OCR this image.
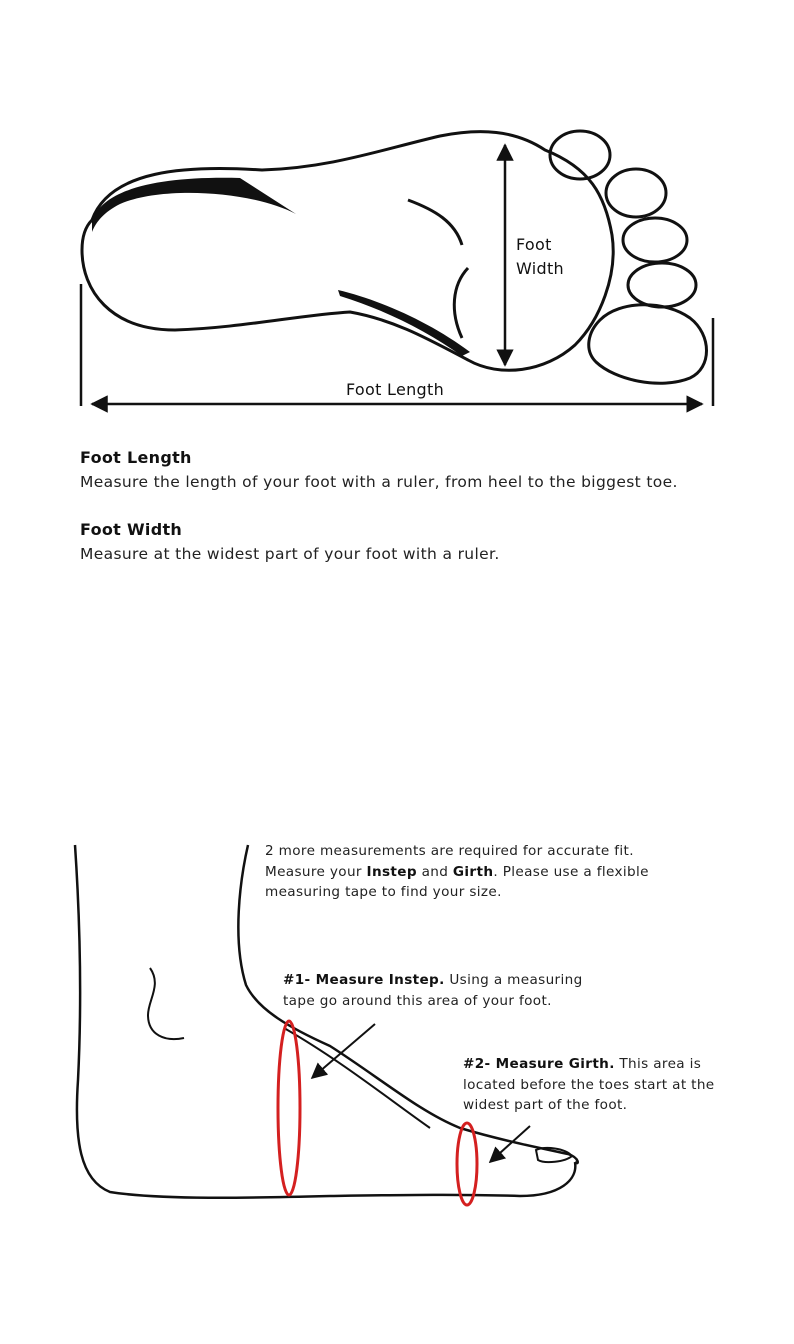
Foot
Width
Foot Length
Foot Length
Measure the length of your foot with a ruler, from heel to the biggest toe.
Foot Width
Measure at the widest part of your foot with a ruler.
2 more measurements are required for accurate fit.
Measure your Instep and Girth. Please use a flexible
measuring tape to find your size.
#1- Measure Instep. Using a measuring
tape go around this area of your foot.
#2- Measure Girth. This area is
located before the toes start at the
widest part of the foot.
